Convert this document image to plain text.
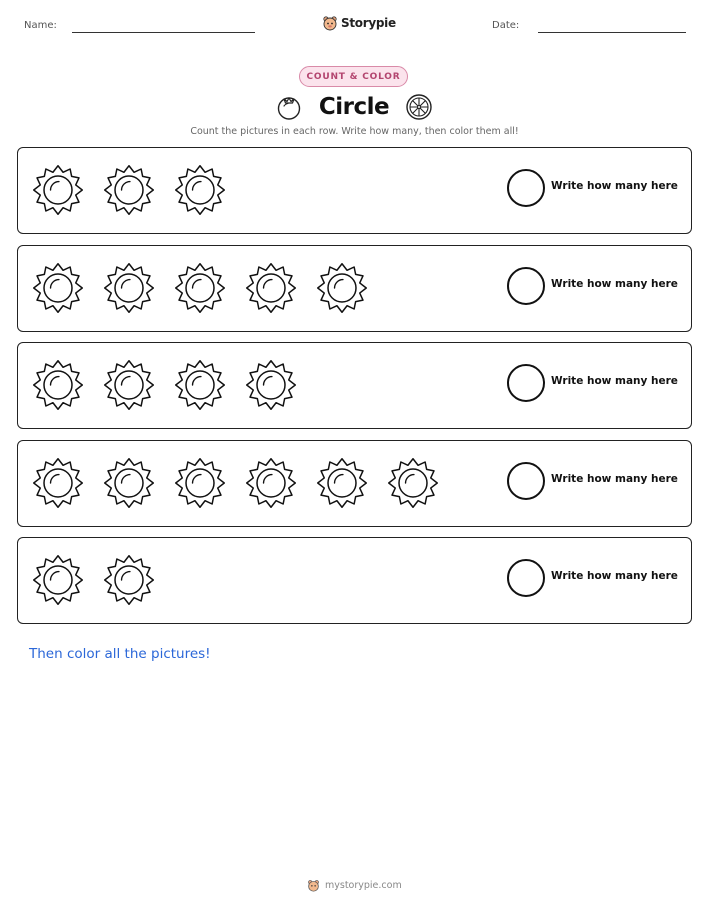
Name:	Storypie	Date:
COUNT & COLOR
Circle
Count the pictures in each row. Write how many, then color them all!
Write how many here
Write how many here
Write how many here
Write how many here
Write how many here
Then color all the pictures!
mystorypie.com
